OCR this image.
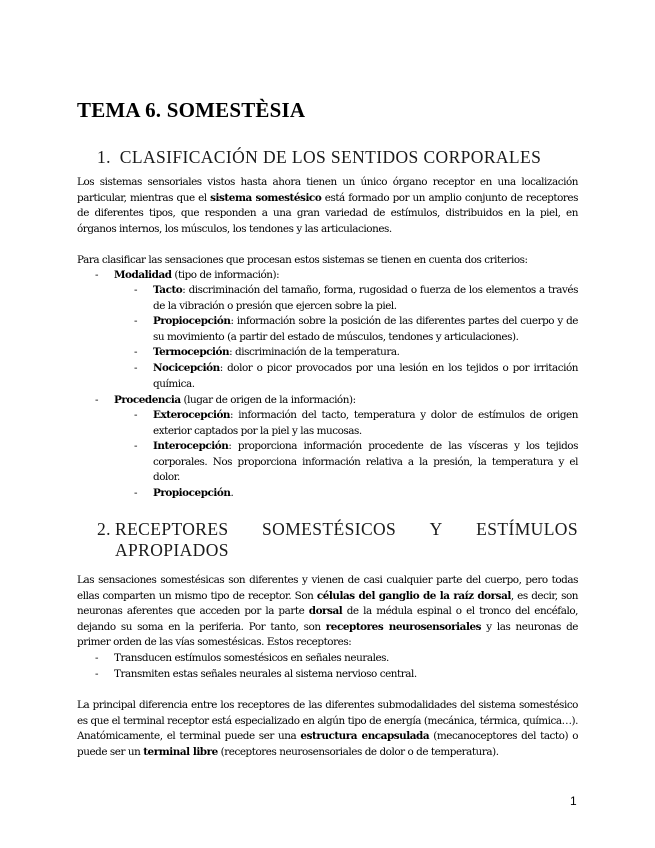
TEMA 6. SOMESTÈSIA
1. CLASIFICACIÓN DE LOS SENTIDOS CORPORALES
Los sistemas sensoriales vistos hasta ahora tienen un único órgano receptor en una localización particular, mientras que el sistema somestésico está formado por un amplio conjunto de receptores de diferentes tipos, que responden a una gran variedad de estímulos, distribuidos en la piel, en órganos internos, los músculos, los tendones y las articulaciones.
Para clasificar las sensaciones que procesan estos sistemas se tienen en cuenta dos criterios:
- Modalidad (tipo de información):
- Tacto: discriminación del tamaño, forma, rugosidad o fuerza de los elementos a través de la vibración o presión que ejercen sobre la piel.
- Propiocepción: información sobre la posición de las diferentes partes del cuerpo y de su movimiento (a partir del estado de músculos, tendones y articulaciones).
- Termocepción: discriminación de la temperatura.
- Nocicepción: dolor o picor provocados por una lesión en los tejidos o por irritación química.
- Procedencia (lugar de origen de la información):
- Exterocepción: información del tacto, temperatura y dolor de estímulos de origen exterior captados por la piel y las mucosas.
- Interocepción: proporciona información procedente de las vísceras y los tejidos corporales. Nos proporciona información relativa a la presión, la temperatura y el dolor.
- Propiocepción.
2. RECEPTORES SOMESTÉSICOS Y ESTÍMULOS
APROPIADOS
Las sensaciones somestésicas son diferentes y vienen de casi cualquier parte del cuerpo, pero todas ellas comparten un mismo tipo de receptor. Son células del ganglio de la raíz dorsal, es decir, son neuronas aferentes que acceden por la parte dorsal de la médula espinal o el tronco del encéfalo, dejando su soma en la periferia. Por tanto, son receptores neurosensoriales y las neuronas de primer orden de las vías somestésicas. Estos receptores:
- Transducen estímulos somestésicos en señales neurales.
- Transmiten estas señales neurales al sistema nervioso central.
La principal diferencia entre los receptores de las diferentes submodalidades del sistema somestésico es que el terminal receptor está especializado en algún tipo de energía (mecánica, térmica, química…). Anatómicamente, el terminal puede ser una estructura encapsulada (mecanoceptores del tacto) o puede ser un terminal libre (receptores neurosensoriales de dolor o de temperatura).
1
